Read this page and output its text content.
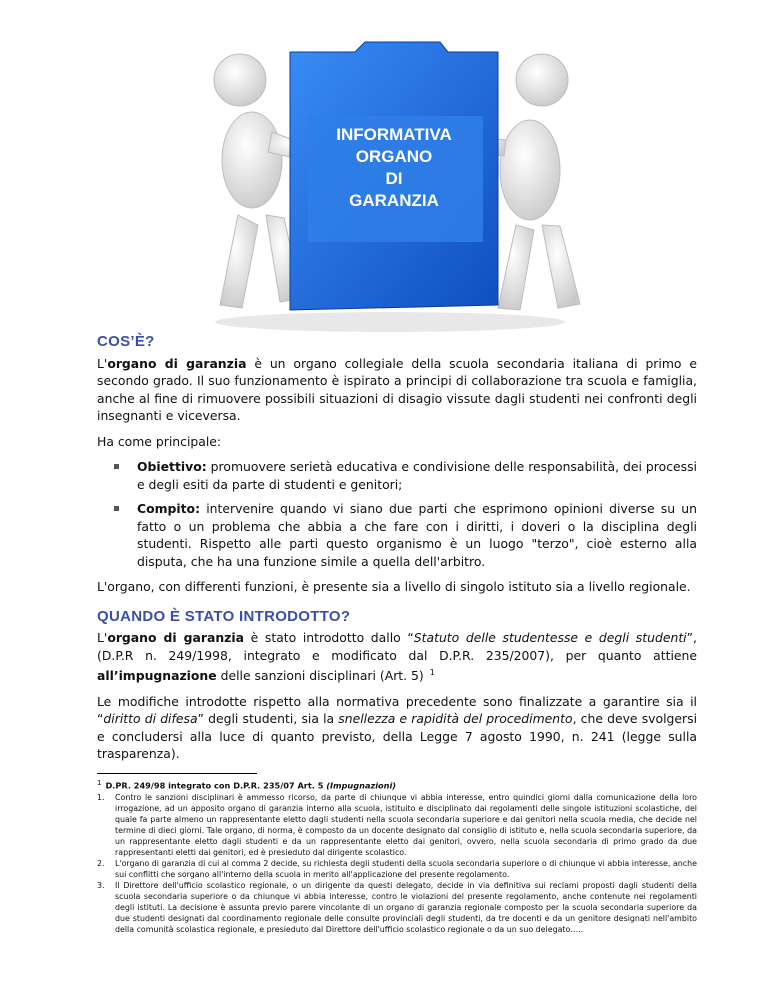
INFORMATIVA ORGANO DI GARANZIA
COS’È?

L'organo di garanzia è un organo collegiale della scuola secondaria italiana di primo e secondo grado. Il suo funzionamento è ispirato a principi di collaborazione tra scuola e famiglia, anche al fine di rimuovere possibili situazioni di disagio vissute dagli studenti nei confronti degli insegnanti e viceversa.

Ha come principale:

Obiettivo: promuovere serietà educativa e condivisione delle responsabilità, dei processi e degli esiti da parte di studenti e genitori;
Compito: intervenire quando vi siano due parti che esprimono opinioni diverse su un fatto o un problema che abbia a che fare con i diritti, i doveri o la disciplina degli studenti. Rispetto alle parti questo organismo è un luogo "terzo", cioè esterno alla disputa, che ha una funzione simile a quella dell'arbitro.

L'organo, con differenti funzioni, è presente sia a livello di singolo istituto sia a livello regionale.

QUANDO È STATO INTRODOTTO?

L'organo di garanzia è stato introdotto dallo “Statuto delle studentesse e degli studenti”, (D.P.R n. 249/1998, integrato e modificato dal D.P.R. 235/2007), per quanto attiene all’impugnazione delle sanzioni disciplinari (Art. 5) $^1$

Le modifiche introdotte rispetto alla normativa precedente sono finalizzate a garantire sia il “diritto di difesa” degli studenti, sia la snellezza e rapidità del procedimento, che deve svolgersi e concludersi alla luce di quanto previsto, della Legge 7 agosto 1990, n. 241 (legge sulla trasparenza).

1 D.PR. 249/98 integrato con D.P.R. 235/07 Art. 5 (Impugnazioni)
1. Contro le sanzioni disciplinari è ammesso ricorso, da parte di chiunque vi abbia interesse, entro quindici giorni dalla comunicazione della loro irrogazione, ad un apposito organo di garanzia interno alla scuola, istituito e disciplinato dai regolamenti delle singole istituzioni scolastiche, del quale fa parte almeno un rappresentante eletto dagli studenti nella scuola secondaria superiore e dai genitori nella scuola media, che decide nel termine di dieci giorni. Tale organo, di norma, è composto da un docente designato dal consiglio di istituto e, nella scuola secondaria superiore, da un rappresentante eletto dagli studenti e da un rappresentante eletto dai genitori, ovvero, nella scuola secondaria di primo grado da due rappresentanti eletti dai genitori, ed è presieduto dal dirigente scolastico.
2. L'organo di garanzia di cui al comma 2 decide, su richiesta degli studenti della scuola secondaria superiore o di chiunque vi abbia interesse, anche sui conflitti che sorgano all'interno della scuola in merito all'applicazione del presente regolamento.
3. Il Direttore dell'ufficio scolastico regionale, o un dirigente da questi delegato, decide in via definitiva sui reclami proposti dagli studenti della scuola secondaria superiore o da chiunque vi abbia interesse, contro le violazioni del presente regolamento, anche contenute nei regolamenti degli istituti. La decisione è assunta previo parere vincolante di un organo di garanzia regionale composto per la scuola secondaria superiore da due studenti designati dal coordinamento regionale delle consulte provinciali degli studenti, da tre docenti e da un genitore designati nell'ambito della comunità scolastica regionale, e presieduto dal Direttore dell'ufficio scolastico regionale o da un suo delegato…..
